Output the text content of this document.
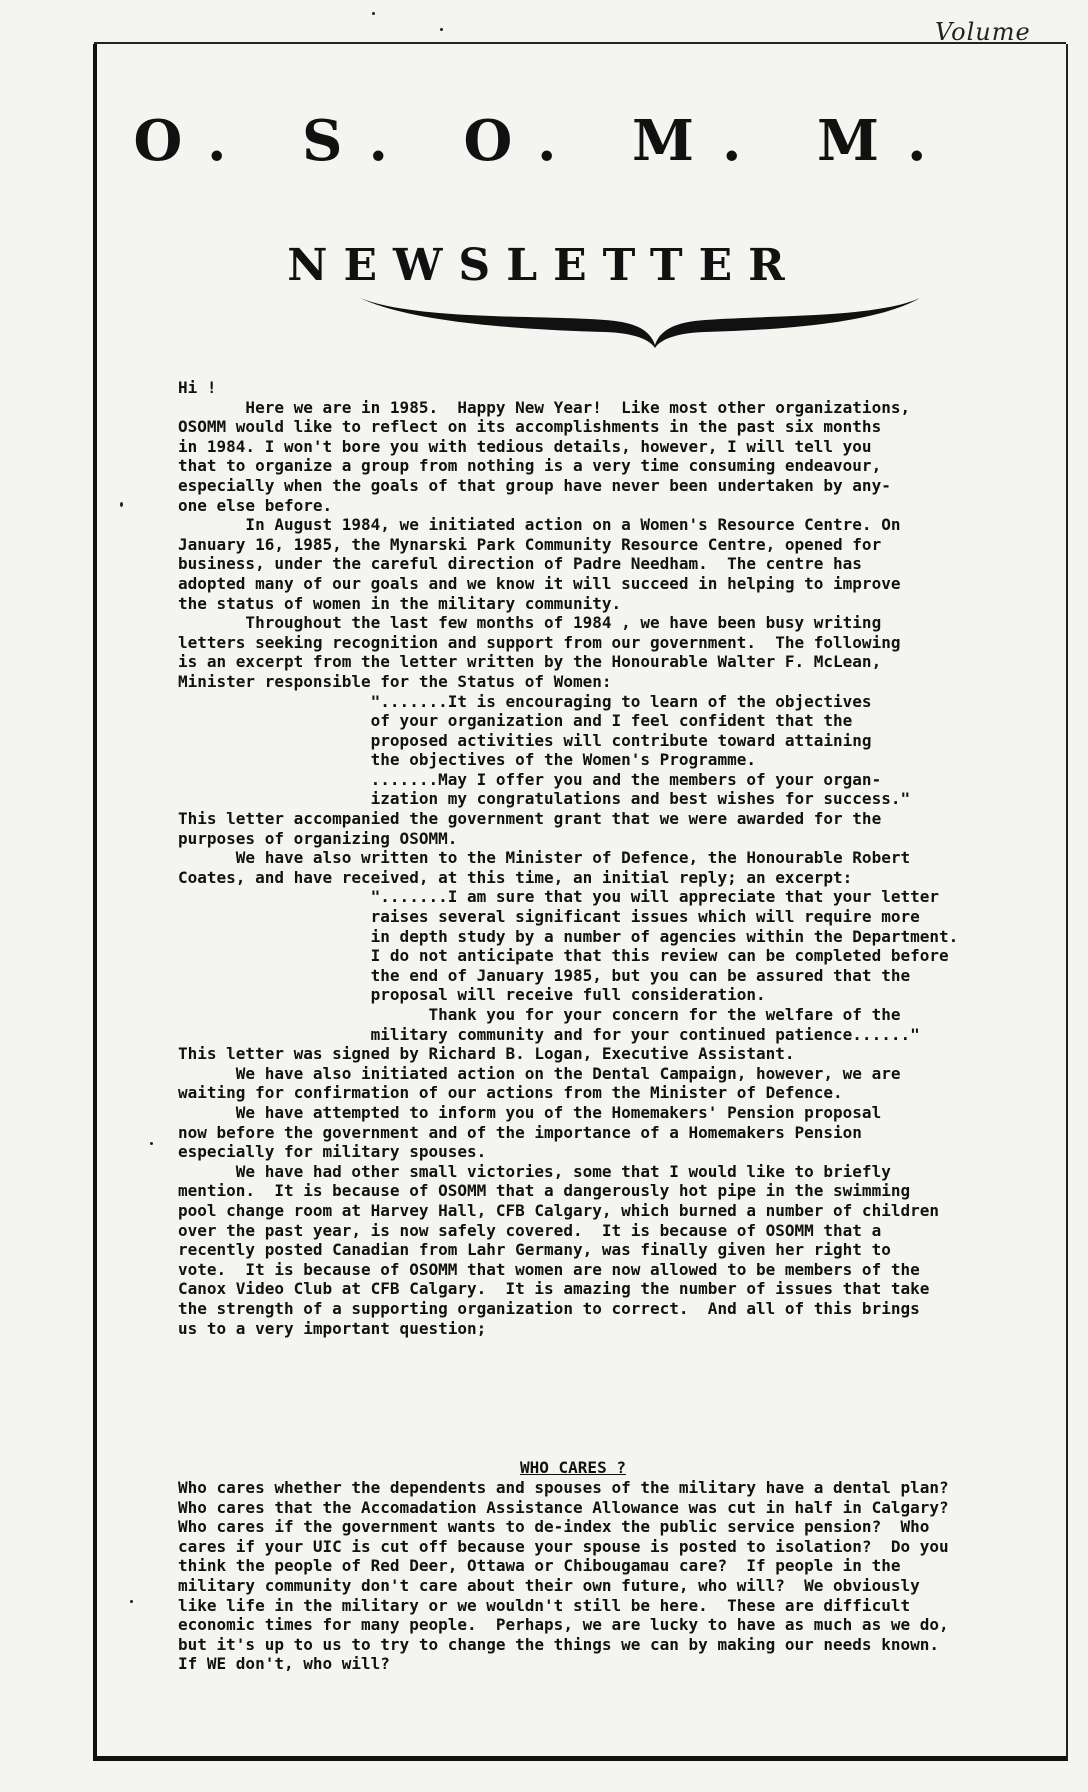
Volume
O. S. O. M. M.
NEWSLETTER
Hi !
Here we are in 1985.  Happy New Year!  Like most other organizations,
OSOMM would like to reflect on its accomplishments in the past six months
in 1984. I won't bore you with tedious details, however, I will tell you
that to organize a group from nothing is a very time consuming endeavour,
especially when the goals of that group have never been undertaken by any-
one else before.
In August 1984, we initiated action on a Women's Resource Centre. On
January 16, 1985, the Mynarski Park Community Resource Centre, opened for
business, under the careful direction of Padre Needham.  The centre has
adopted many of our goals and we know it will succeed in helping to improve
the status of women in the military community.
Throughout the last few months of 1984 , we have been busy writing
letters seeking recognition and support from our government.  The following
is an excerpt from the letter written by the Honourable Walter F. McLean,
Minister responsible for the Status of Women:
".......It is encouraging to learn of the objectives
of your organization and I feel confident that the
proposed activities will contribute toward attaining
the objectives of the Women's Programme.
.......May I offer you and the members of your organ-
ization my congratulations and best wishes for success."
This letter accompanied the government grant that we were awarded for the
purposes of organizing OSOMM.
We have also written to the Minister of Defence, the Honourable Robert
Coates, and have received, at this time, an initial reply; an excerpt:
".......I am sure that you will appreciate that your letter
raises several significant issues which will require more
in depth study by a number of agencies within the Department.
I do not anticipate that this review can be completed before
the end of January 1985, but you can be assured that the
proposal will receive full consideration.
Thank you for your concern for the welfare of the
military community and for your continued patience......"
This letter was signed by Richard B. Logan, Executive Assistant.
We have also initiated action on the Dental Campaign, however, we are
waiting for confirmation of our actions from the Minister of Defence.
We have attempted to inform you of the Homemakers' Pension proposal
now before the government and of the importance of a Homemakers Pension
especially for military spouses.
We have had other small victories, some that I would like to briefly
mention.  It is because of OSOMM that a dangerously hot pipe in the swimming
pool change room at Harvey Hall, CFB Calgary, which burned a number of children
over the past year, is now safely covered.  It is because of OSOMM that a
recently posted Canadian from Lahr Germany, was finally given her right to
vote.  It is because of OSOMM that women are now allowed to be members of the
Canox Video Club at CFB Calgary.  It is amazing the number of issues that take
the strength of a supporting organization to correct.  And all of this brings
us to a very important question;
WHO CARES ?
Who cares whether the dependents and spouses of the military have a dental plan?
Who cares that the Accomadation Assistance Allowance was cut in half in Calgary?
Who cares if the government wants to de-index the public service pension?  Who
cares if your UIC is cut off because your spouse is posted to isolation?  Do you
think the people of Red Deer, Ottawa or Chibougamau care?  If people in the
military community don't care about their own future, who will?  We obviously
like life in the military or we wouldn't still be here.  These are difficult
economic times for many people.  Perhaps, we are lucky to have as much as we do,
but it's up to us to try to change the things we can by making our needs known.
If WE don't, who will?
